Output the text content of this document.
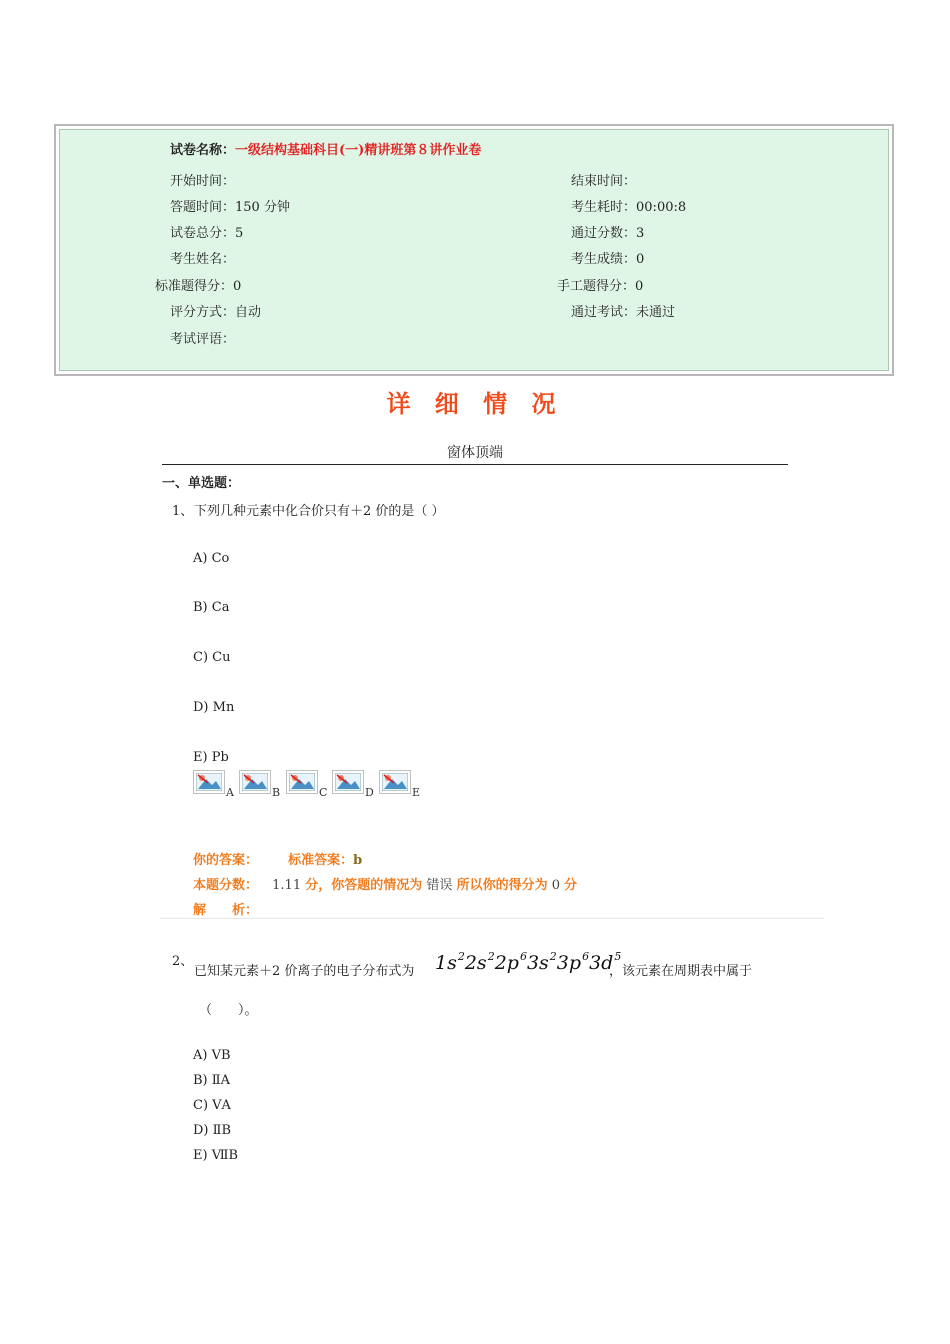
试卷名称：一级结构基础科目(一)精讲班第８讲作业卷
开始时间：	结束时间：
答题时间：150 分钟	考生耗时：00:00:8
试卷总分：5	通过分数：3
考生姓名：	考生成绩：0
标准题得分：0	手工题得分：0
评分方式：自动	通过考试：未通过
考试评语：
详 细 情 况
窗体顶端
一、单选题：
1、 下列几种元素中化合价只有＋2 价的是（ ）
A) Co
B) Ca
C) Cu
D) Mn
E) Pb
A	B	C	D	E
你的答案： 标准答案：b
本题分数： 1.11 分，你答题的情况为 错误 所以你的得分为 0 分
解　　析：
2、
已知某元素＋2 价离子的电子分布式为 $1s^22s^22p^63s^23p^63d^5$
，该元素在周期表中属于
（　　）。
A) ⅤB
B) ⅡA
C) ⅤA
D) ⅡB
E) ⅦB
